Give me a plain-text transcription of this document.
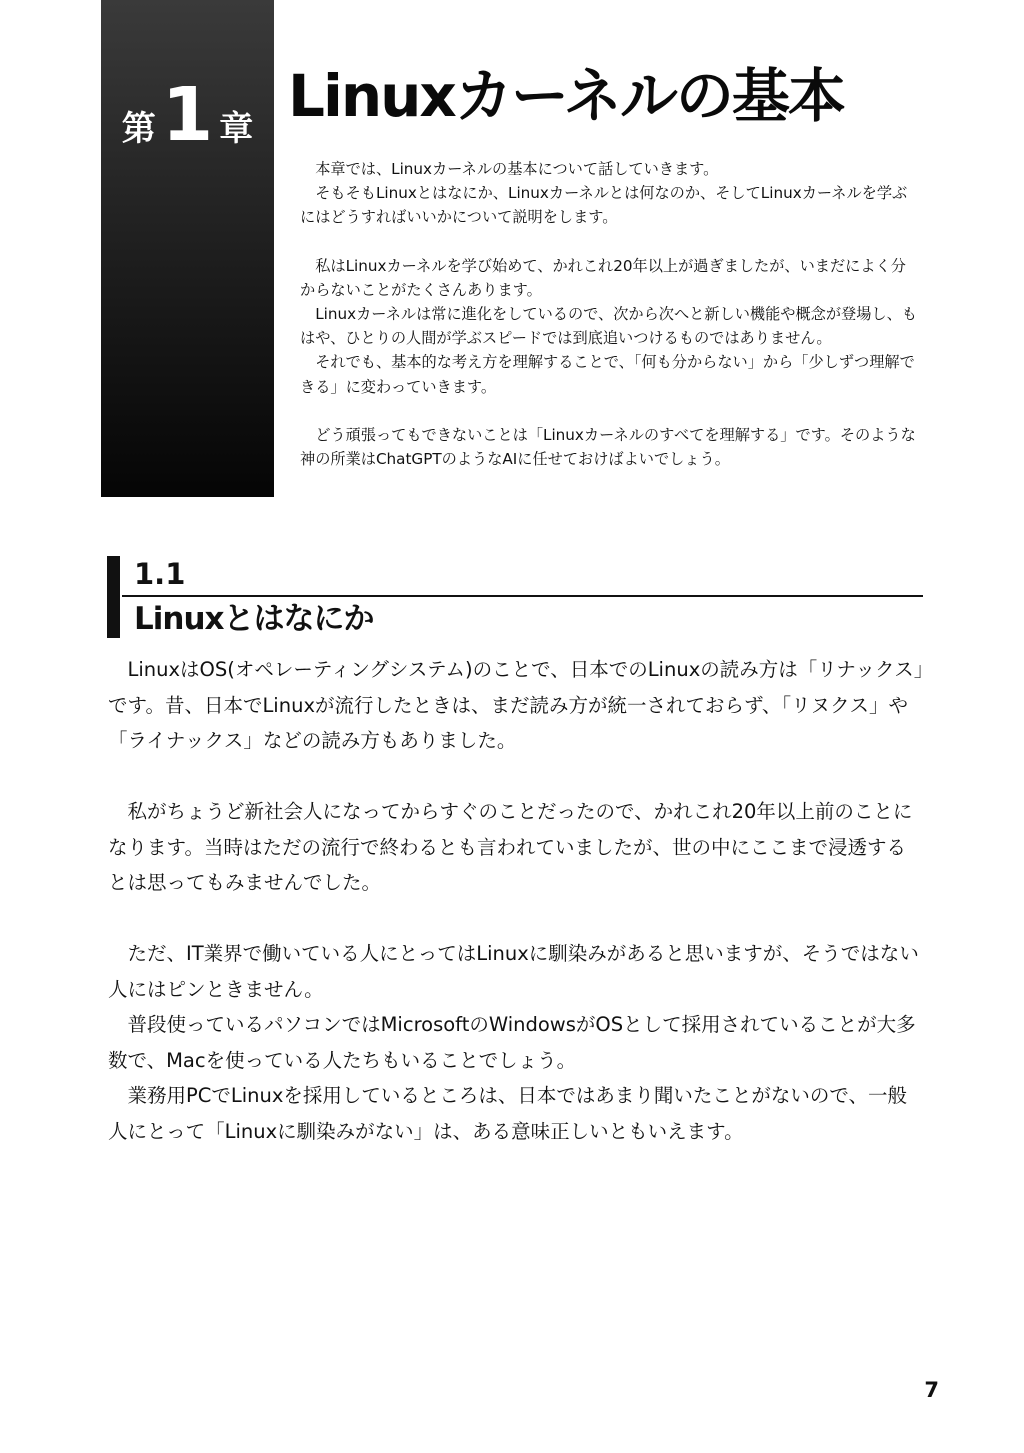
第 1 章 Linuxカーネルの基本

本章では、Linuxカーネルの基本について話していきます。

そもそもLinuxとはなにか、Linuxカーネルとは何なのか、そしてLinuxカーネルを学ぶにはどうすればいいかについて説明をします。

私はLinuxカーネルを学び始めて、かれこれ20年以上が過ぎましたが、いまだによく分からないことがたくさんあります。

Linuxカーネルは常に進化をしているので、次から次へと新しい機能や概念が登場し、もはや、ひとりの人間が学ぶスピードでは到底追いつけるものではありません。

それでも、基本的な考え方を理解することで、「何も分からない」から「少しずつ理解できる」に変わっていきます。

どう頑張ってもできないことは「Linuxカーネルのすべてを理解する」です。そのような神の所業はChatGPTのようなAIに任せておけばよいでしょう。

1.1
Linuxとはなにか

LinuxはOS(オペレーティングシステム)のことで、日本でのLinuxの読み方は「リナックス」です。昔、日本でLinuxが流行したときは、まだ読み方が統一されておらず、「リヌクス」や「ライナックス」などの読み方もありました。

私がちょうど新社会人になってからすぐのことだったので、かれこれ20年以上前のことになります。当時はただの流行で終わるとも言われていましたが、世の中にここまで浸透するとは思ってもみませんでした。

ただ、IT業界で働いている人にとってはLinuxに馴染みがあると思いますが、そうではない人にはピンときません。

普段使っているパソコンではMicrosoftのWindowsがOSとして採用されていることが大多数で、Macを使っている人たちもいることでしょう。

業務用PCでLinuxを採用しているところは、日本ではあまり聞いたことがないので、一般人にとって「Linuxに馴染みがない」は、ある意味正しいともいえます。

7
